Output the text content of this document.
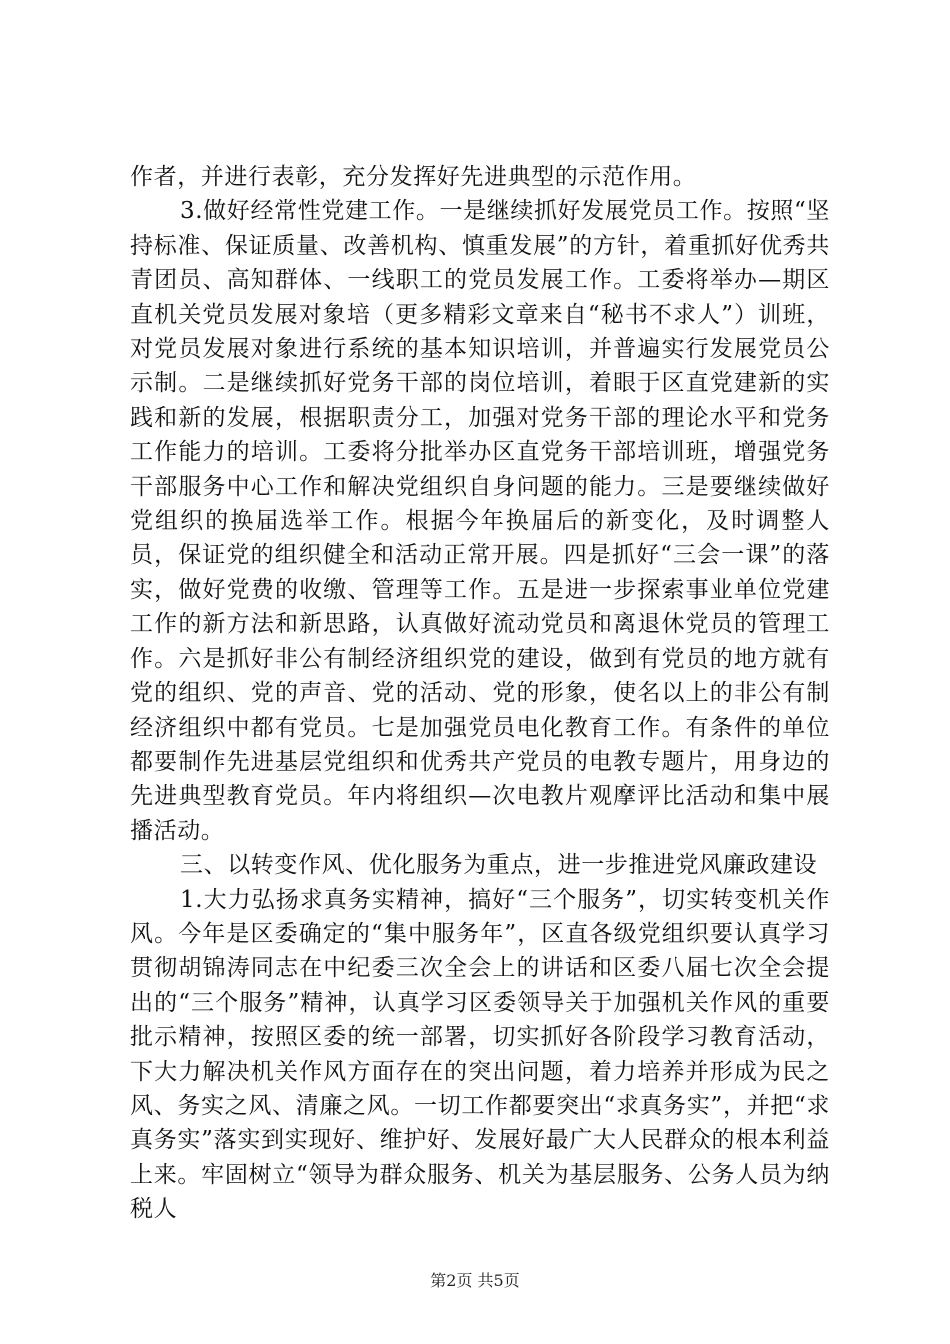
作者，并进行表彰，充分发挥好先进典型的示范作用。

3.做好经常性党建工作。一是继续抓好发展党员工作。按照“坚持标准、保证质量、改善机构、慎重发展”的方针，着重抓好优秀共青团员、高知群体、一线职工的党员发展工作。工委将举办—期区直机关党员发展对象培（更多精彩文章来自“秘书不求人”）训班，对党员发展对象进行系统的基本知识培训，并普遍实行发展党员公示制。二是继续抓好党务干部的岗位培训，着眼于区直党建新的实践和新的发展，根据职责分工，加强对党务干部的理论水平和党务工作能力的培训。工委将分批举办区直党务干部培训班，增强党务干部服务中心工作和解决党组织自身问题的能力。三是要继续做好党组织的换届选举工作。根据今年换届后的新变化，及时调整人员，保证党的组织健全和活动正常开展。四是抓好“三会一课”的落实，做好党费的收缴、管理等工作。五是进一步探索事业单位党建工作的新方法和新思路，认真做好流动党员和离退休党员的管理工作。六是抓好非公有制经济组织党的建设，做到有党员的地方就有党的组织、党的声音、党的活动、党的形象，使名以上的非公有制经济组织中都有党员。七是加强党员电化教育工作。有条件的单位都要制作先进基层党组织和优秀共产党员的电教专题片，用身边的先进典型教育党员。年内将组织—次电教片观摩评比活动和集中展播活动。

三、以转变作风、优化服务为重点，进一步推进党风廉政建设

1.大力弘扬求真务实精神，搞好“三个服务”，切实转变机关作风。今年是区委确定的“集中服务年”，区直各级党组织要认真学习贯彻胡锦涛同志在中纪委三次全会上的讲话和区委八届七次全会提出的“三个服务”精神，认真学习区委领导关于加强机关作风的重要批示精神，按照区委的统一部署，切实抓好各阶段学习教育活动，下大力解决机关作风方面存在的突出问题，着力培养并形成为民之风、务实之风、清廉之风。一切工作都要突出“求真务实”，并把“求真务实”落实到实现好、维护好、发展好最广大人民群众的根本利益上来。牢固树立“领导为群众服务、机关为基层服务、公务人员为纳税人

第2页 共5页
